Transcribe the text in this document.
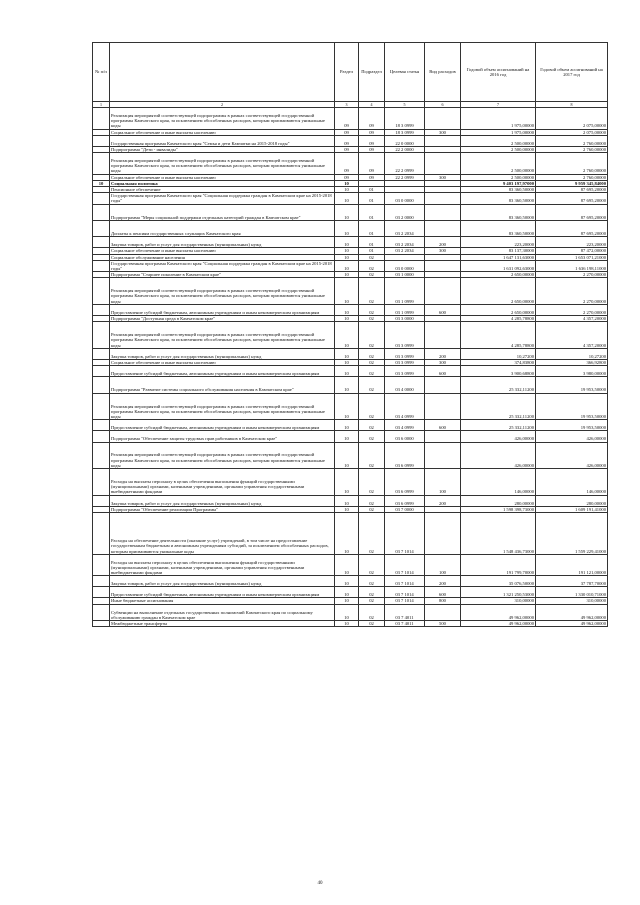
№ п/п		Раздел	Подраздел	Целевая статья	Вид расходов	Годовой объем ассигнований на 2016 год	Годовой объем ассигнований на 2017 год
1	2	3	4	5	6	7	8
	Реализация мероприятий соответствующей подпрограммы в рамках соответствующей государственной программы Камчатского края, за исключением обособленных расходов, которым присваиваются уникальные коды	09	09	18 3 0999		1 975,00000	2 075,00000
	Социальное обеспечение и иные выплаты населению	09	09	18 3 0999	300	1 975,00000	2 075,00000
	Государственная программа Камчатского края "Семья и дети Камчатки на 2015-2018 годы"	09	09	22 0 0000		2 500,00000	2 760,00000
	Подпрограмма "Дети - инвалиды"	09	09	22 2 0000		2 500,00000	2 760,00000
	Реализация мероприятий соответствующей подпрограммы в рамках соответствующей государственной программы Камчатского края, за исключением обособленных расходов, которым присваиваются уникальные коды	09	09	22 2 0999		2 500,00000	2 760,00000
	Социальное обеспечение и иные выплаты населению	09	09	22 2 0999	300	2 500,00000	2 760,00000
10	Социальная политика	10				9 403 197,97000	9 959 345,84000
	Пенсионное обеспечение	10	01			83 360,50000	87 695,20000
	Государственная программа Камчатского края "Социальная поддержка граждан в Камчатском крае на 2015-2018 годы"	10	01	03 0 0000		83 360,50000	87 695,20000
	Подпрограмма "Меры социальной поддержки отдельных категорий граждан в Камчатском крае"	10	01	03 2 0000		83 360,50000	87 695,20000
	Доплаты к пенсиям государственных служащих Камчатского края	10	01	03 2 2034		83 360,50000	87 695,20000
	Закупка товаров, работ и услуг для государственных (муниципальных) нужд	10	01	03 2 2034	200	223,20000	223,20000
	Социальное обеспечение и иные выплаты населению	10	01	03 2 2034	300	83 137,30000	87 472,00000
	Социальное обслуживание населения	10	02			1 647 131,63000	1 653 071,21000
	Государственная программа Камчатского края "Социальная поддержка граждан в Камчатском крае на 2015-2018 годы"	10	02	03 0 0000		1 631 092,63000	1 636 198,11000
	Подпрограмма "Старшее поколение в Камчатском крае"	10	02	03 1 0000		2 650,00000	2 270,00000
	Реализация мероприятий соответствующей подпрограммы в рамках соответствующей государственной программы Камчатского края, за исключением обособленных расходов, которым присваиваются уникальные коды	10	02	03 1 0999		2 650,00000	2 270,00000
	Предоставление субсидий бюджетным, автономным учреждениям и иным некоммерческим организациям	10	02	03 1 0999	600	2 650,00000	2 270,00000
	Подпрограмма "Доступная среда в Камчатском крае"	10	02	03 3 0000		4 285,78800	4 357,20000
	Реализация мероприятий соответствующей подпрограммы в рамках соответствующей государственной программы Камчатского края, за исключением обособленных расходов, которым присваиваются уникальные коды	10	02	03 3 0999		4 285,78800	4 357,20000
	Закупка товаров, работ и услуг для государственных (муниципальных) нужд	10	02	03 3 0999	200	10,27200	10,27200
	Социальное обеспечение и иные выплаты населению	10	02	03 3 0999	300	374,83800	366,92800
	Предоставление субсидий бюджетным, автономным учреждениям и иным некоммерческим организациям	10	02	03 3 0999	600	3 900,68800	3 980,00000
	Подпрограмма "Развитие системы социального обслуживания населения в Камчатском крае"	10	02	03 4 0000		25 332,11200	19 953,50000
	Реализация мероприятий соответствующей подпрограммы в рамках соответствующей государственной программы Камчатского края, за исключением обособленных расходов, которым присваиваются уникальные коды	10	02	03 4 0999		25 332,11200	19 953,50000
	Предоставление субсидий бюджетным, автономным учреждениям и иным некоммерческим организациям	10	02	03 4 0999	600	25 332,11200	19 953,50000
	Подпрограмма "Обеспечение защиты трудовых прав работников в Камчатском крае"	10	02	03 6 0000		426,00000	426,00000
	Реализация мероприятий соответствующей подпрограммы в рамках соответствующей государственной программы Камчатского края, за исключением обособленных расходов, которым присваиваются уникальные коды	10	02	03 6 0999		426,00000	426,00000
	Расходы на выплаты персоналу в целях обеспечения выполнения функций государственными (муниципальными) органами, казенными учреждениями, органами управления государственными внебюджетными фондами	10	02	03 6 0999	100	146,00000	146,00000
	Закупка товаров, работ и услуг для государственных (муниципальных) нужд	10	02	03 6 0999	200	280,00000	280,00000
	Подпрограмма "Обеспечение реализации Программы"	10	02	03 7 0000		1 598 398,73000	1 609 191,41000
	Расходы на обеспечение деятельности (оказание услуг) учреждений, в том числе на предоставление государственным бюджетным и автономным учреждениям субсидий, за исключением обособленных расходов, которым присваиваются уникальные коды	10	02	03 7 1014		1 548 436,73000	1 559 229,41000
	Расходы на выплаты персоналу в целях обеспечения выполнения функций государственными (муниципальными) органами, казенными учреждениями, органами управления государственными внебюджетными фондами	10	02	03 7 1014	100	191 799,70000	191 121,00000
	Закупка товаров, работ и услуг для государственных (муниципальных) нужд	10	02	03 7 1014	200	35 076,50000	37 787,70000
	Предоставление субсидий бюджетным, автономным учреждениям и иным некоммерческим организациям	10	02	03 7 1014	600	1 321 250,53000	1 330 010,71000
	Иные бюджетные ассигнования	10	02	03 7 1014	800	310,00000	310,00000
	Субвенции на выполнение отдельных государственных полномочий Камчатского края по социальному обслуживанию граждан в Камчатском крае	10	02	03 7 4011		49 962,00000	49 962,00000
	Межбюджетные трансферты	10	02	03 7 4011	500	49 962,00000	49 962,00000
40
